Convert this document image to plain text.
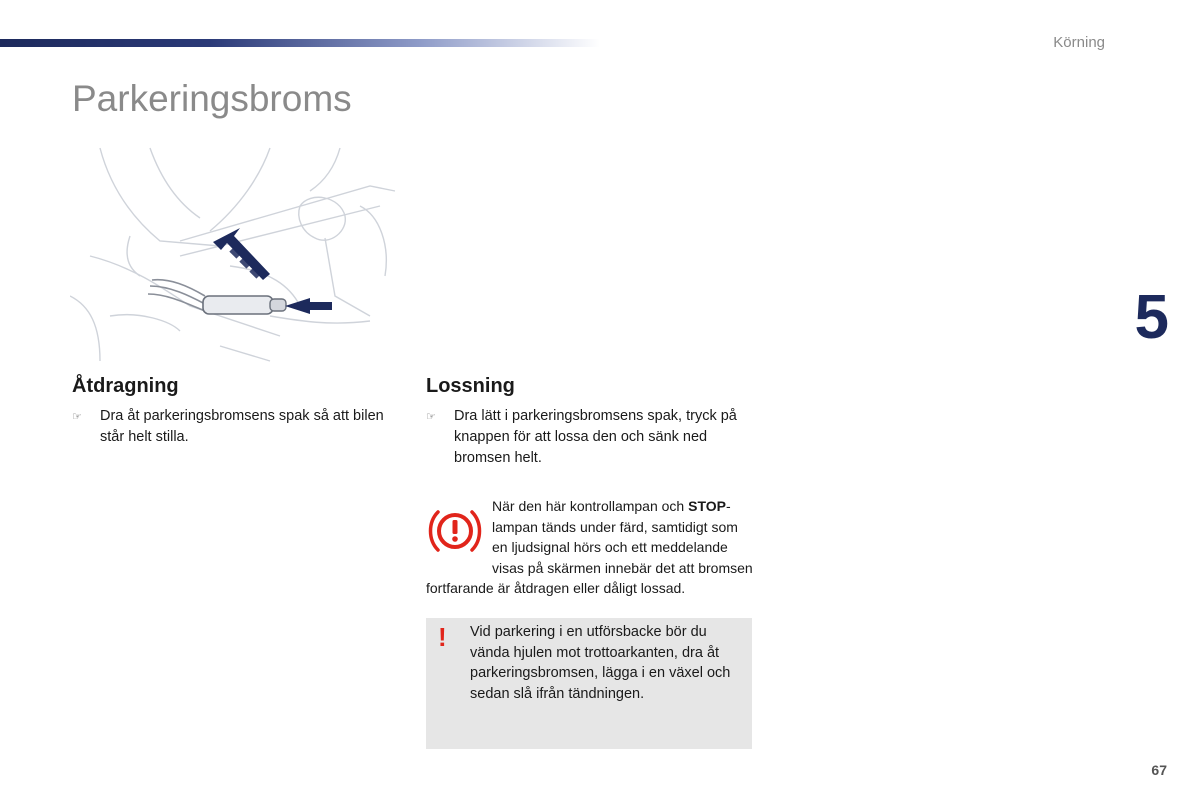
Körning
Parkeringsbroms
5
Åtdragning
☞	Dra åt parkeringsbromsens spak så att bilen står helt stilla.
Lossning
☞	Dra lätt i parkeringsbromsens spak, tryck på knappen för att lossa den och sänk ned bromsen helt.
När den här kontrollampan och STOP-lampan tänds under färd, samtidigt som en ljudsignal hörs och ett meddelande visas på skärmen innebär det att bromsen fortfarande är åtdragen eller dåligt lossad.
! Vid parkering i en utförsbacke bör du vända hjulen mot trottoarkanten, dra åt parkeringsbromsen, lägga i en växel och sedan slå ifrån tändningen.
67
